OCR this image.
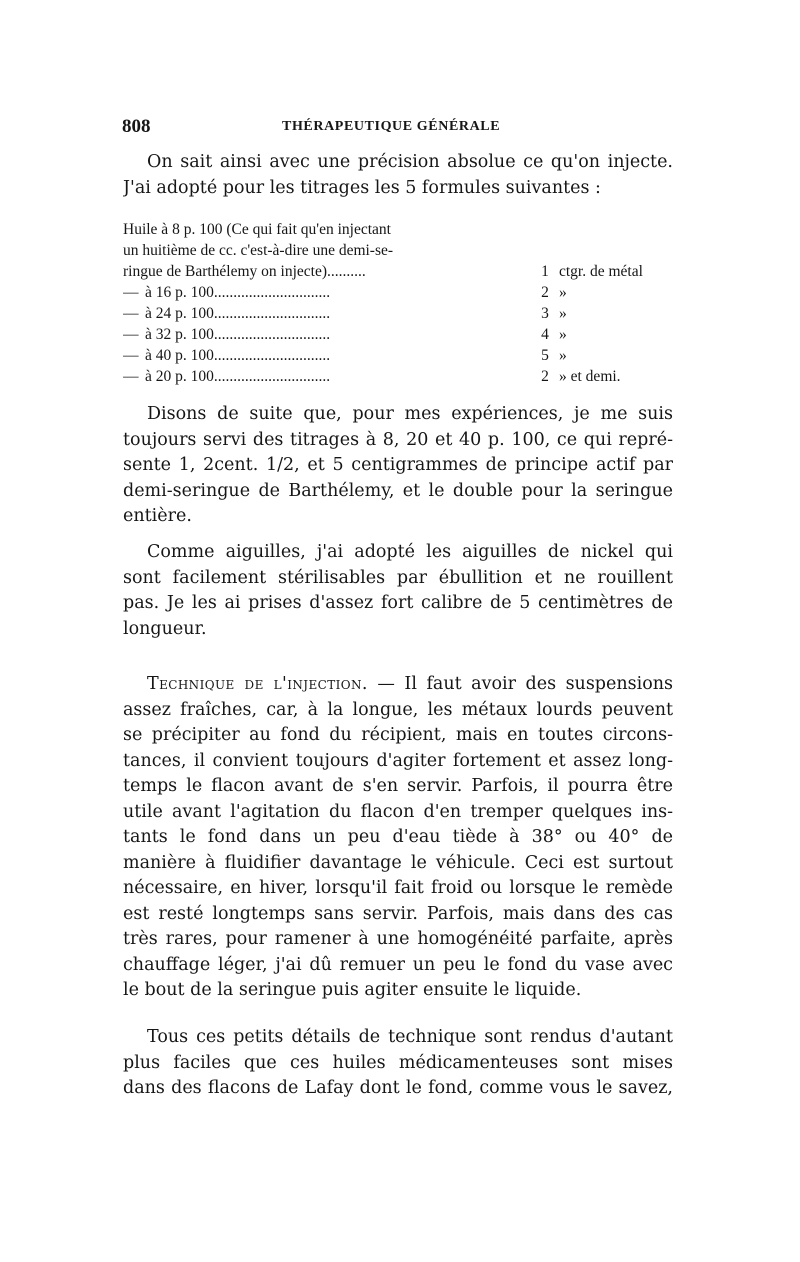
808	THÉRAPEUTIQUE GÉNÉRALE
On sait ainsi avec une précision absolue ce qu'on injecte.
J'ai adopté pour les titrages les 5 formules suivantes :
Huile à 8 p. 100 (Ce qui fait qu'en injectant
un huitième de cc. c'est-à-dire une demi-se-
ringue de Barthélemy on injecte)..........	1 ctgr. de métal
— à 16 p. 100..............................	2 »
— à 24 p. 100..............................	3 »
— à 32 p. 100..............................	4 »
— à 40 p. 100..............................	5 »
— à 20 p. 100..............................	2 » et demi.
Disons de suite que, pour mes expériences, je me suis
toujours servi des titrages à 8, 20 et 40 p. 100, ce qui repré-
sente 1, 2cent. 1/2, et 5 centigrammes de principe actif par
demi-seringue de Barthélemy, et le double pour la seringue
entière.
Comme aiguilles, j'ai adopté les aiguilles de nickel qui
sont facilement stérilisables par ébullition et ne rouillent
pas. Je les ai prises d'assez fort calibre de 5 centimètres de
longueur.
Technique de l'injection. — Il faut avoir des suspensions
assez fraîches, car, à la longue, les métaux lourds peuvent
se précipiter au fond du récipient, mais en toutes circons-
tances, il convient toujours d'agiter fortement et assez long-
temps le flacon avant de s'en servir. Parfois, il pourra être
utile avant l'agitation du flacon d'en tremper quelques ins-
tants le fond dans un peu d'eau tiède à 38° ou 40° de
manière à fluidifier davantage le véhicule. Ceci est surtout
nécessaire, en hiver, lorsqu'il fait froid ou lorsque le remède
est resté longtemps sans servir. Parfois, mais dans des cas
très rares, pour ramener à une homogénéité parfaite, après
chauffage léger, j'ai dû remuer un peu le fond du vase avec
le bout de la seringue puis agiter ensuite le liquide.
Tous ces petits détails de technique sont rendus d'autant
plus faciles que ces huiles médicamenteuses sont mises
dans des flacons de Lafay dont le fond, comme vous le savez,
